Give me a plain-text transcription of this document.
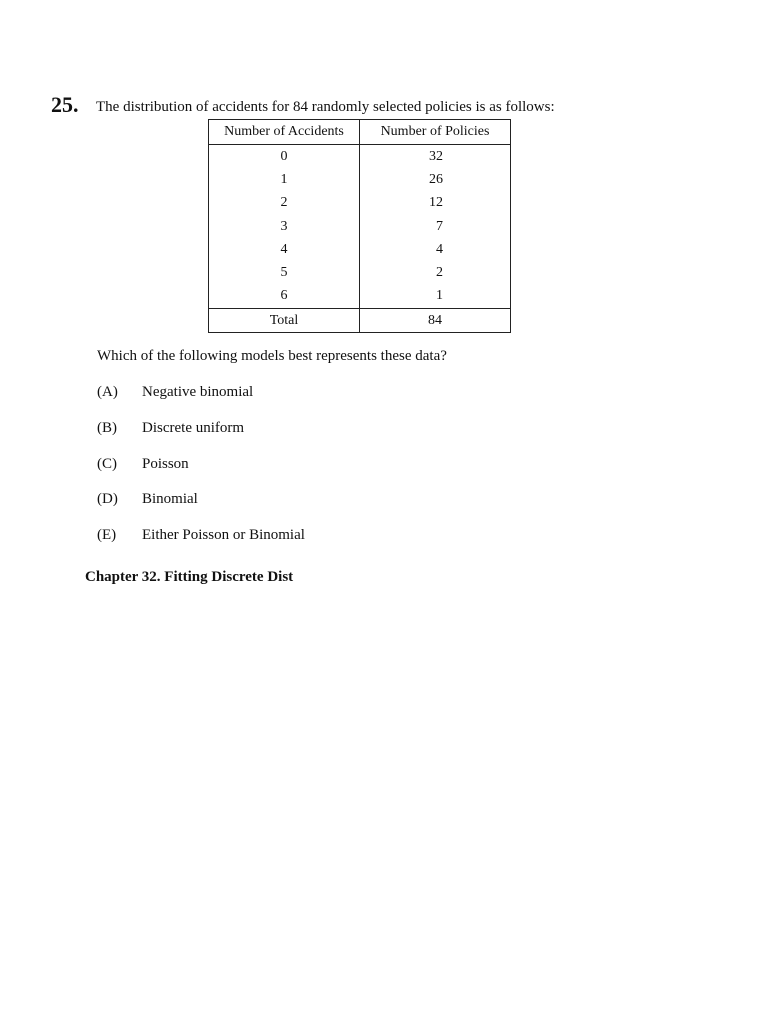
25. The distribution of accidents for 84 randomly selected policies is as follows:
Number of Accidents	Number of Policies
0	32
1	26
2	12
3	7
4	4
5	2
6	1
Total	84
Which of the following models best represents these data?
(A) Negative binomial
(B) Discrete uniform
(C) Poisson
(D) Binomial
(E) Either Poisson or Binomial
Chapter 32. Fitting Discrete Dist
